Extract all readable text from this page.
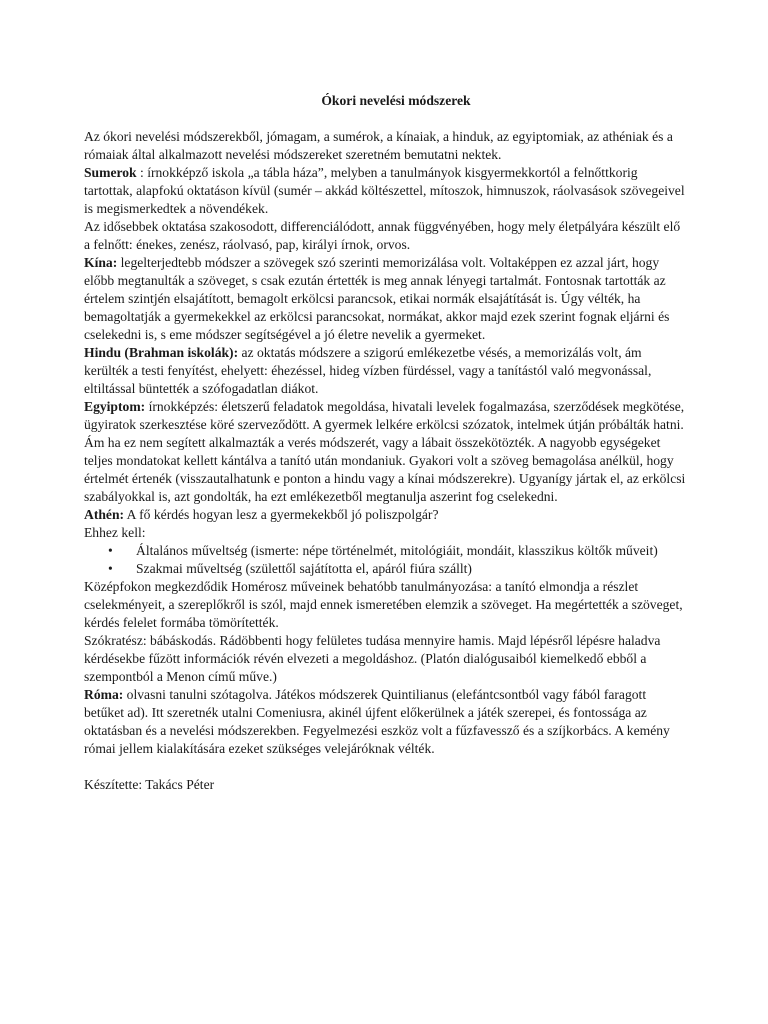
Ókori nevelési módszerek

Az ókori nevelési módszerekből, jómagam, a sumérok, a kínaiak, a hinduk, az egyiptomiak, az athéniak és a rómaiak által alkalmazott nevelési módszereket szeretném bemutatni nektek.

Sumerok : írnokképző iskola „a tábla háza”, melyben a tanulmányok kisgyermekkortól a felnőttkorig tartottak, alapfokú oktatáson kívül (sumér – akkád költészettel, mítoszok, himnuszok, ráolvasások szövegeivel is megismerkedtek a növendékek.

Az idősebbek oktatása szakosodott, differenciálódott, annak függvényében, hogy mely életpályára készült elő a felnőtt: énekes, zenész, ráolvasó, pap, királyi írnok, orvos.

Kína: legelterjedtebb módszer a szövegek szó szerinti memorizálása volt. Voltaképpen ez azzal járt, hogy előbb megtanulták a szöveget, s csak ezután értették is meg annak lényegi tartalmát. Fontosnak tartották az értelem szintjén elsajátított, bemagolt erkölcsi parancsok, etikai normák elsajátítását is. Úgy vélték, ha bemagoltatják a gyermekekkel az erkölcsi parancsokat, normákat, akkor majd ezek szerint fognak eljárni és cselekedni is, s eme módszer segítségével a jó életre nevelik a gyermeket.

Hindu (Brahman iskolák): az oktatás módszere a szigorú emlékezetbe vésés, a memorizálás volt, ám kerülték a testi fenyítést, ehelyett: éhezéssel, hideg vízben fürdéssel, vagy a tanítástól való megvonással, eltiltással büntették a szófogadatlan diákot.

Egyiptom: írnokképzés: életszerű feladatok megoldása, hivatali levelek fogalmazása, szerződések megkötése, ügyiratok szerkesztése köré szerveződött. A gyermek lelkére erkölcsi szózatok, intelmek útján próbálták hatni. Ám ha ez nem segített alkalmazták a verés módszerét, vagy a lábait összekötözték. A nagyobb egységeket teljes mondatokat kellett kántálva a tanító után mondaniuk. Gyakori volt a szöveg bemagolása anélkül, hogy értelmét értenék (visszautalhatunk e ponton a hindu vagy a kínai módszerekre). Ugyanígy jártak el, az erkölcsi szabályokkal is, azt gondolták, ha ezt emlékezetből megtanulja aszerint fog cselekedni.

Athén: A fő kérdés hogyan lesz a gyermekekből jó poliszpolgár?

Ehhez kell:

• Általános műveltség (ismerte: népe történelmét, mitológiáit, mondáit, klasszikus költők műveit)
• Szakmai műveltség (születtől sajátította el, apáról fiúra szállt)

Középfokon megkezdődik Homérosz műveinek behatóbb tanulmányozása: a tanító elmondja a részlet cselekményeit, a szereplőkről is szól, majd ennek ismeretében elemzik a szöveget. Ha megértették a szöveget, kérdés felelet formába tömörítették.

Szókratész: bábáskodás. Rádöbbenti hogy felületes tudása mennyire hamis. Majd lépésről lépésre haladva kérdésekbe fűzött információk révén elvezeti a megoldáshoz. (Platón dialógusaiból kiemelkedő ebből a szempontból a Menon című műve.)

Róma: olvasni tanulni szótagolva. Játékos módszerek Quintilianus (elefántcsontból vagy fából faragott betűket ad). Itt szeretnék utalni Comeniusra, akinél újfent előkerülnek a játék szerepei, és fontossága az oktatásban és a nevelési módszerekben. Fegyelmezési eszköz volt a fűzfavessző és a szíjkorbács. A kemény római jellem kialakítására ezeket szükséges velejáróknak vélték.

Készítette: Takács Péter
